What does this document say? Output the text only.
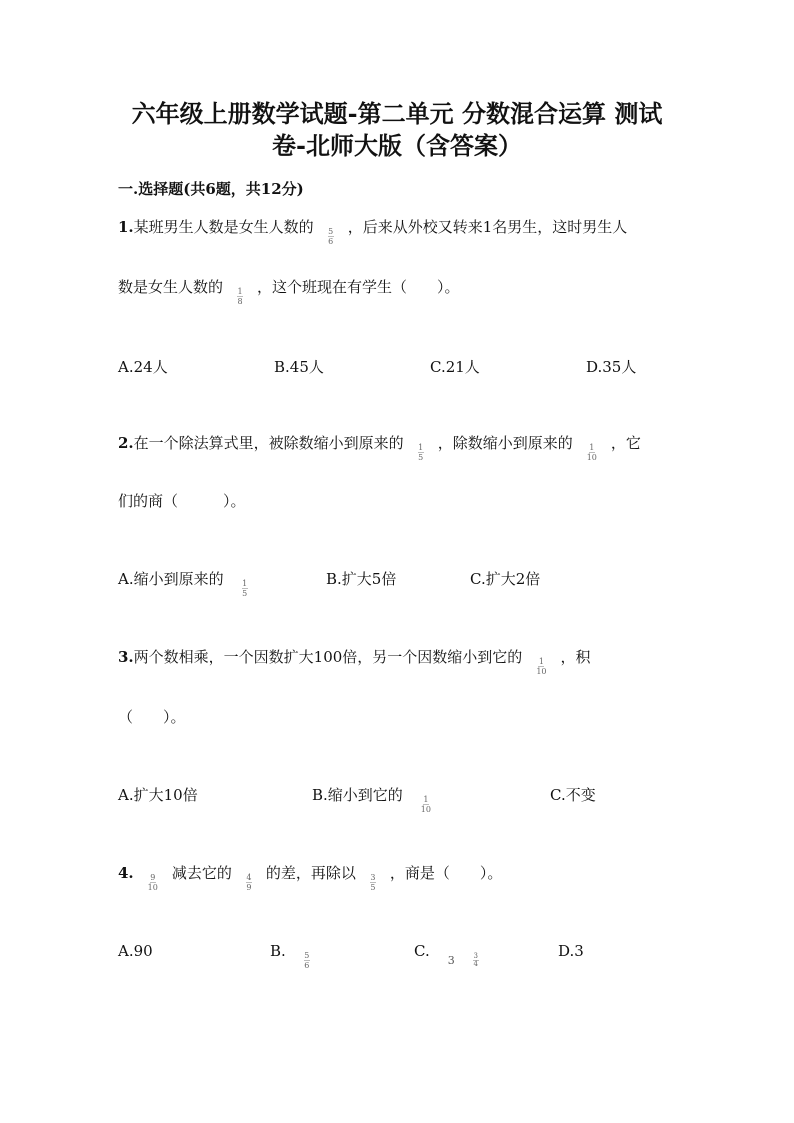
六年级上册数学试题-第二单元 分数混合运算 测试
卷-北师大版（含答案）
一.选择题(共6题，共12分)
1.某班男生人数是女生人数的 $\frac{5}{6}$ ，后来从外校又转来1名男生，这时男生人
数是女生人数的 $\frac{1}{8}$ ，这个班现在有学生（　　）。
A.24人	B.45人	C.21人	D.35人
2.在一个除法算式里，被除数缩小到原来的 $\frac{1}{5}$ ，除数缩小到原来的 $\frac{1}{10}$ ，它
们的商（　　　）。
A.缩小到原来的 $\frac{1}{5}$	B.扩大5倍	C.扩大2倍
3.两个数相乘，一个因数扩大100倍，另一个因数缩小到它的 $\frac{1}{10}$ ，积
（　　）。
A.扩大10倍	B.缩小到它的 $\frac{1}{10}$	C.不变
4. $\frac{9}{10}$ 减去它的 $\frac{4}{9}$ 的差，再除以 $\frac{3}{5}$ ，商是（　　）。
A.90	B. $\frac{5}{6}$	C.
3	$\frac{3}{4}$
D.3
